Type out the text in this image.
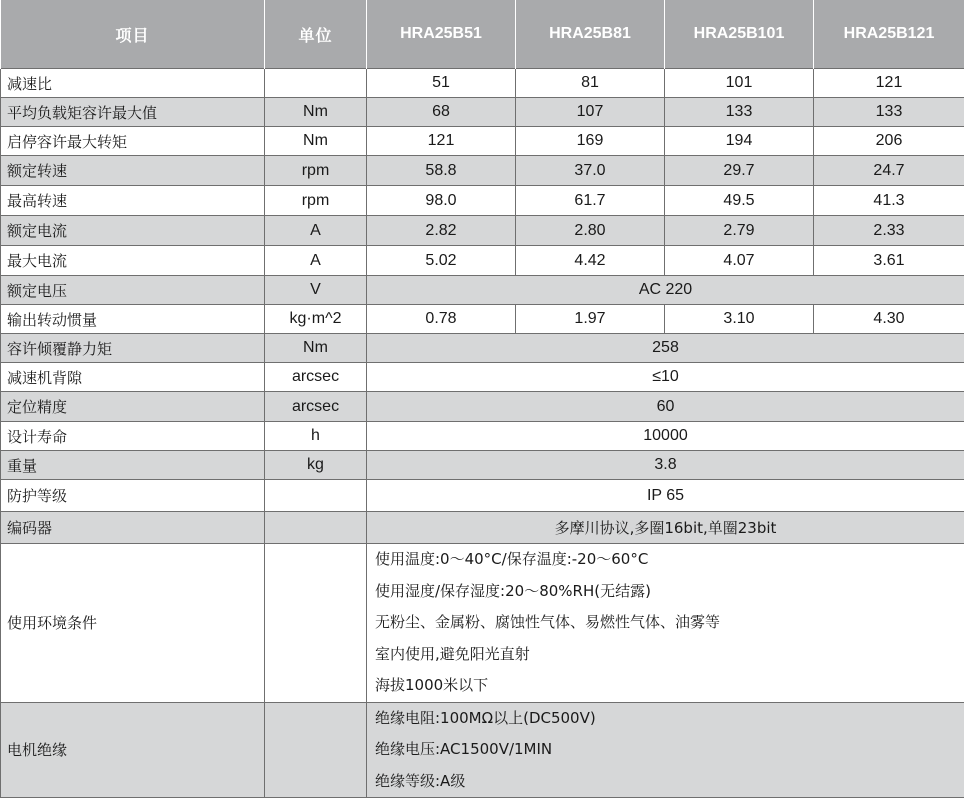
项目	单位	HRA25B51	HRA25B81	HRA25B101	HRA25B121
减速比		51	81	101	121
平均负载矩容许最大值	Nm	68	107	133	133
启停容许最大转矩	Nm	121	169	194	206
额定转速	rpm	58.8	37.0	29.7	24.7
最高转速	rpm	98.0	61.7	49.5	41.3
额定电流	A	2.82	2.80	2.79	2.33
最大电流	A	5.02	4.42	4.07	3.61
额定电压	V	AC 220			
输出转动惯量	kg·m^2	0.78	1.97	3.10	4.30
容许倾覆静力矩	Nm	258			
减速机背隙	arcsec	≤10			
定位精度	arcsec	60			
设计寿命	h	10000			
重量	kg	3.8			
防护等级		IP 65			
编码器		多摩川协议,多圈16bit,单圈23bit			
使用环境条件		使用温度:0～40°C/保存温度:-20～60°C
使用湿度/保存湿度:20～80%RH(无结露)
无粉尘、金属粉、腐蚀性气体、易燃性气体、油雾等
室内使用,避免阳光直射
海拔1000米以下			

电机绝缘		绝缘电阻:100MΩ以上(DC500V)
绝缘电压:AC1500V/1MIN
绝缘等级:A级			
